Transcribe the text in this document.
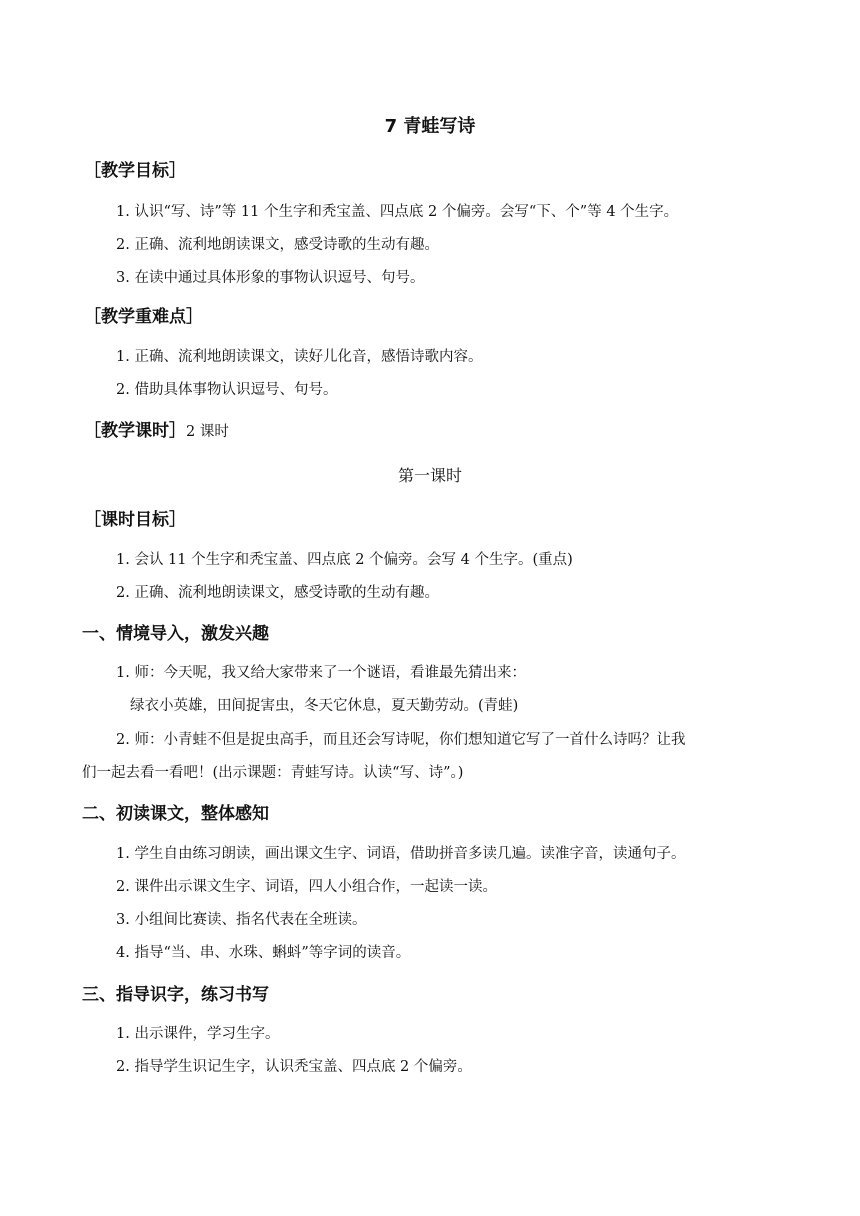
7 青蛙写诗
［教学目标］
1. 认识“写、诗”等 11 个生字和秃宝盖、四点底 2 个偏旁。会写“下、个”等 4 个生字。
2. 正确、流利地朗读课文，感受诗歌的生动有趣。
3. 在读中通过具体形象的事物认识逗号、句号。
［教学重难点］
1. 正确、流利地朗读课文，读好儿化音，感悟诗歌内容。
2. 借助具体事物认识逗号、句号。
［教学课时］2 课时
第一课时
［课时目标］
1. 会认 11 个生字和秃宝盖、四点底 2 个偏旁。会写 4 个生字。(重点)
2. 正确、流利地朗读课文，感受诗歌的生动有趣。
一、情境导入，激发兴趣
1. 师：今天呢，我又给大家带来了一个谜语，看谁最先猜出来：
绿衣小英雄，田间捉害虫，冬天它休息，夏天勤劳动。(青蛙)
2. 师：小青蛙不但是捉虫高手，而且还会写诗呢，你们想知道它写了一首什么诗吗？让我
们一起去看一看吧！(出示课题：青蛙写诗。认读“写、诗”。)
二、初读课文，整体感知
1. 学生自由练习朗读，画出课文生字、词语，借助拼音多读几遍。读准字音，读通句子。
2. 课件出示课文生字、词语，四人小组合作，一起读一读。
3. 小组间比赛读、指名代表在全班读。
4. 指导“当、串、水珠、蝌蚪”等字词的读音。
三、指导识字，练习书写
1. 出示课件，学习生字。
2. 指导学生识记生字，认识秃宝盖、四点底 2 个偏旁。
